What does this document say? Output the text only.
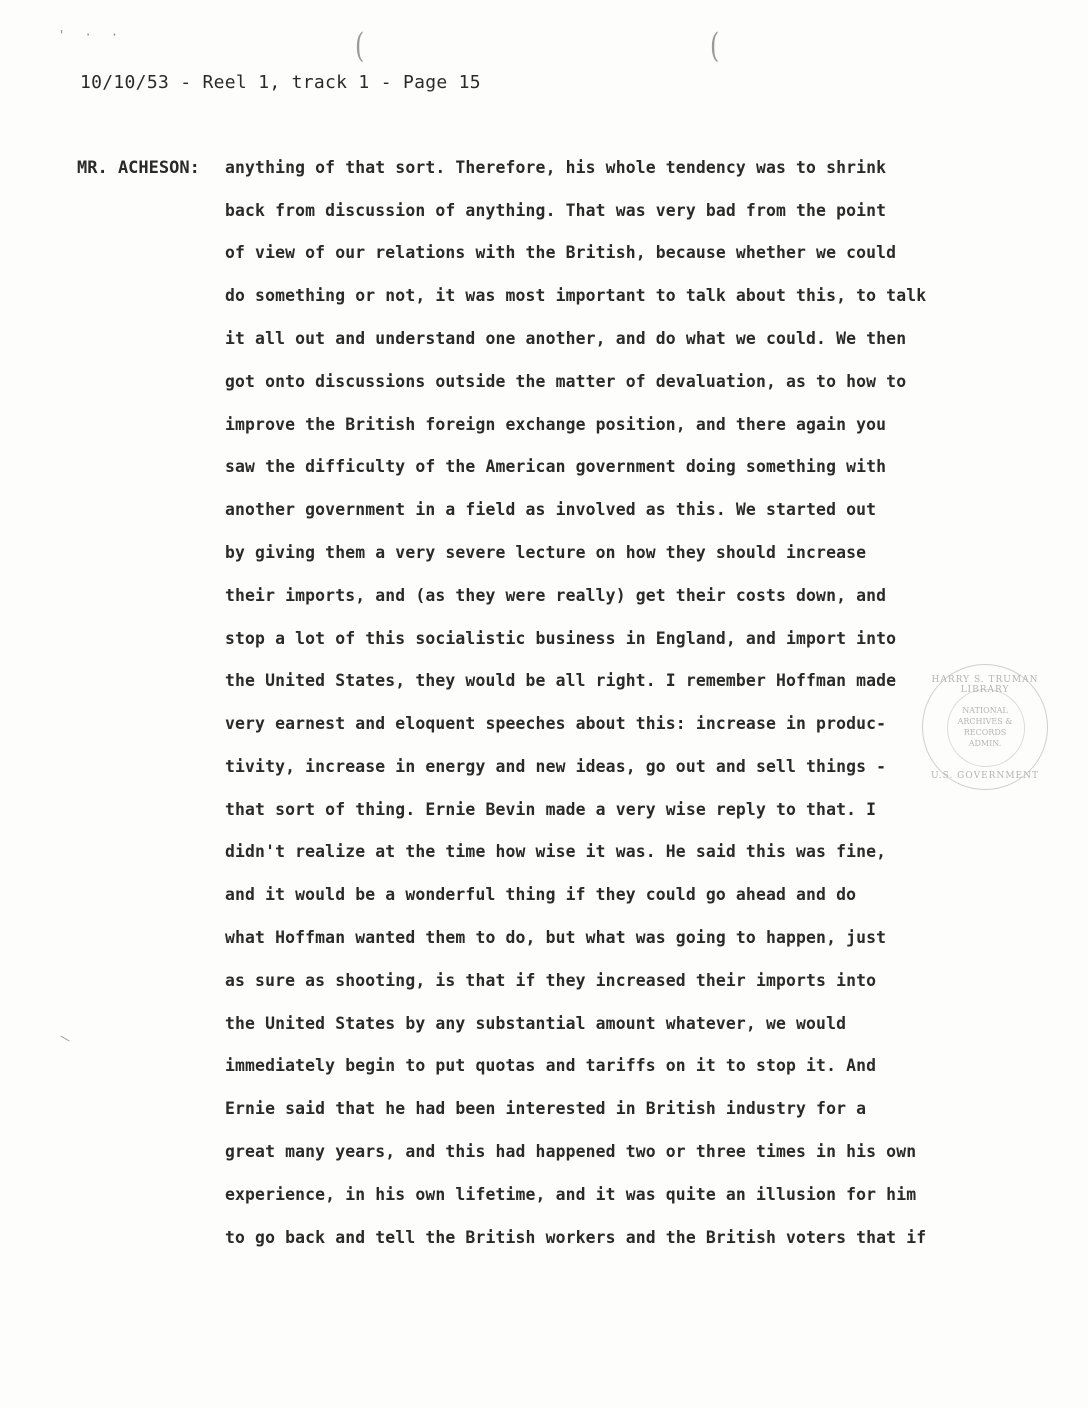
' · ·	(	(
10/10/53 - Reel 1, track 1 - Page 15
MR. ACHESON: anything of that sort. Therefore, his whole tendency was to shrink
back from discussion of anything. That was very bad from the point
of view of our relations with the British, because whether we could
do something or not, it was most important to talk about this, to talk
it all out and understand one another, and do what we could. We then
got onto discussions outside the matter of devaluation, as to how to
improve the British foreign exchange position, and there again you
saw the difficulty of the American government doing something with
another government in a field as involved as this. We started out
by giving them a very severe lecture on how they should increase
their imports, and (as they were really) get their costs down, and
stop a lot of this socialistic business in England, and import into
the United States, they would be all right. I remember Hoffman made
very earnest and eloquent speeches about this: increase in produc-
tivity, increase in energy and new ideas, go out and sell things -
that sort of thing. Ernie Bevin made a very wise reply to that. I
didn't realize at the time how wise it was. He said this was fine,
and it would be a wonderful thing if they could go ahead and do
what Hoffman wanted them to do, but what was going to happen, just
as sure as shooting, is that if they increased their imports into
the United States by any substantial amount whatever, we would
immediately begin to put quotas and tariffs on it to stop it. And
Ernie said that he had been interested in British industry for a
great many years, and this had happened two or three times in his own
experience, in his own lifetime, and it was quite an illusion for him
to go back and tell the British workers and the British voters that if
HARRY S. TRUMAN LIBRARY
NATIONAL
ARCHIVES &
RECORDS
ADMIN.
U.S. GOVERNMENT
